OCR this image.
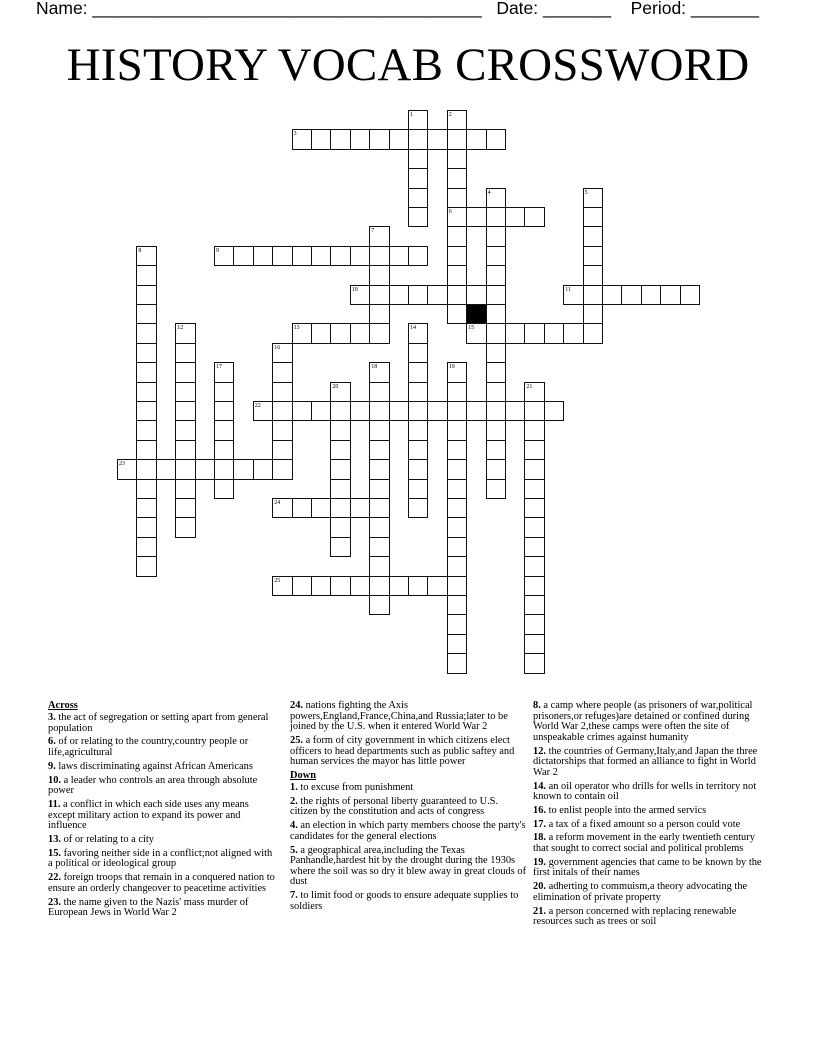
Name: ________________________________________ Date: _______ Period: _______
HISTORY VOCAB CROSSWORD
3
6
9
10	11
13	15
22
23
24
25
1	2
4	5
7
8
12	14
16
17	18	19
20	21
Across
3. the act of segregation or setting apart from general population
6. of or relating to the country,country people or life,agricultural
9. laws discriminating against African Americans
10. a leader who controls an area through absolute power
11. a conflict in which each side uses any means except military action to expand its power and influence
13. of or relating to a city
15. favoring neither side in a conflict;not aligned with a political or ideological group
22. foreign troops that remain in a conquered nation to ensure an orderly changeover to peacetime activities
23. the name given to the Nazis' mass murder of European Jews in World War 2
24. nations fighting the Axis powers,England,France,China,and Russia;later to be joined by the U.S. when it entered World War 2
25. a form of city government in which citizens elect officers to head departments such as public saftey and human services the mayor has little power
Down
1. to excuse from punishment
2. the rights of personal liberty guaranteed to U.S. citizen by the constitution and acts of congress
4. an election in which party members choose the party's candidates for the general elections
5. a geographical area,including the Texas Panhandle,hardest hit by the drought during the 1930s where the soil was so dry it blew away in great clouds of dust
7. to limit food or goods to ensure adequate supplies to soldiers
8. a camp where people (as prisoners of war,political prisoners,or refuges)are detained or confined during World War 2,these camps were often the site of unspeakable crimes against humanity
12. the countries of Germany,Italy,and Japan the three dictatorships that formed an alliance to fight in World War 2
14. an oil operator who drills for wells in territory not known to contain oil
16. to enlist people into the armed servics
17. a tax of a fixed amount so a person could vote
18. a reform movement in the early twentieth century that sought to correct social and political problems
19. government agencies that came to be known by the first initals of their names
20. adherting to commuism,a theory advocating the elimination of private property
21. a person concerned with replacing renewable resources such as trees or soil
